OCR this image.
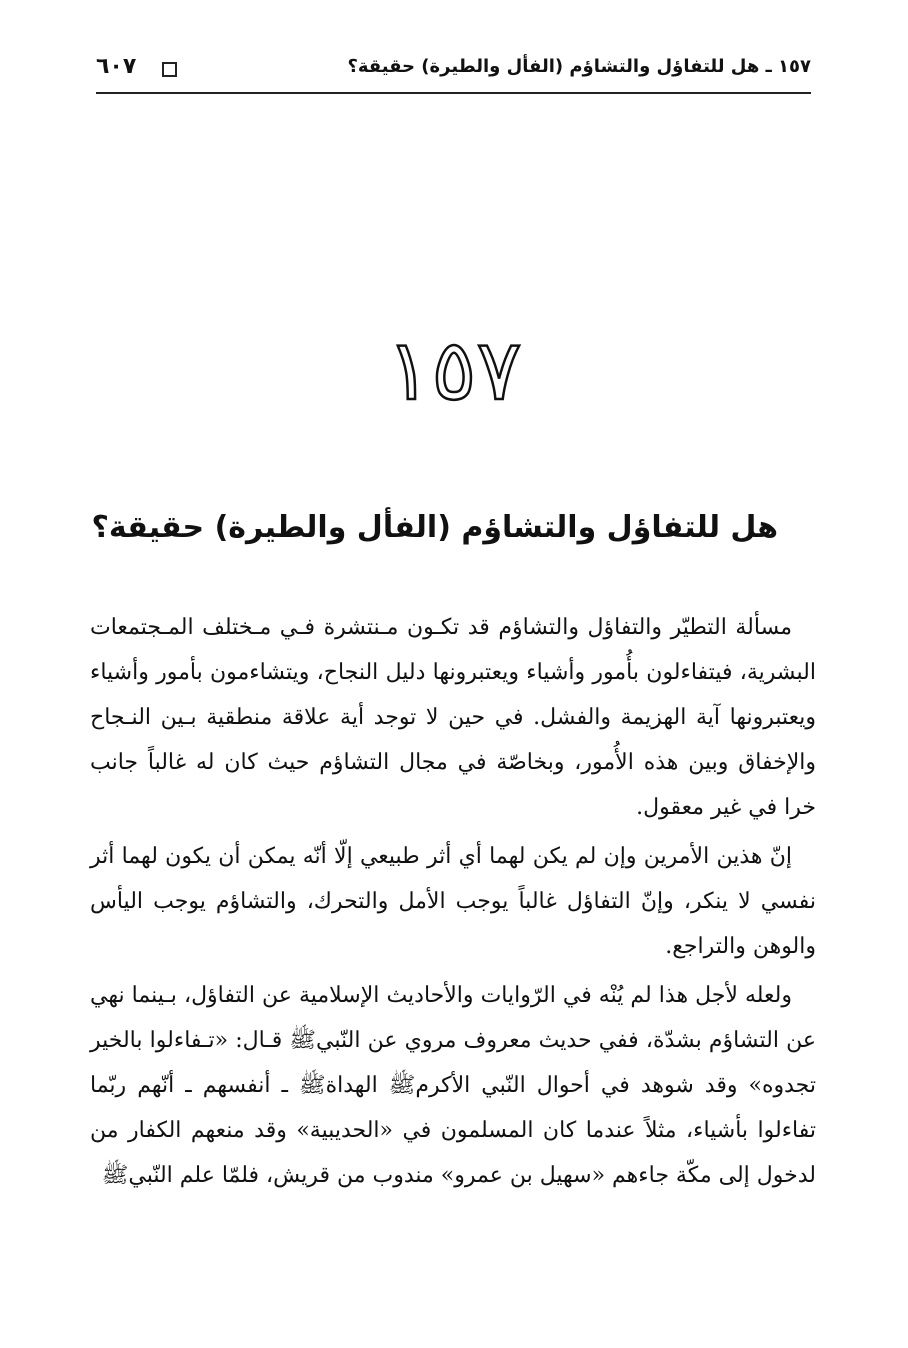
٦٠٧	١٥٧ ـ هل للتفاؤل والتشاؤم (الفأل والطيرة) حقيقة؟
١٥٧
هل للتفاؤل والتشاؤم (الفأل والطيرة) حقيقة؟

مسألة التطيّر والتفاؤل والتشاؤم قد تكـون مـنتشرة فـي مـختلف المـجتمعات البشرية، فيتفاءلون بأُمور وأشياء ويعتبرونها دليل النجاح، ويتشاءمون بأمور وأشياء ويعتبرونها آية الهزيمة والفشل. في حين لا توجد أية علاقة منطقية بـين النـجاح والإخفاق وبين هذه الأُمور، وبخاصّة في مجال التشاؤم حيث كان له غالباً جانب خرا في غير معقول.

إنّ هذين الأمرين وإن لم يكن لهما أي أثر طبيعي إلّا أنّه يمكن أن يكون لهما أثر نفسي لا ينكر، وإنّ التفاؤل غالباً يوجب الأمل والتحرك، والتشاؤم يوجب اليأس والوهن والتراجع.

ولعله لأجل هذا لم يُنْه في الرّوايات والأحاديث الإسلامية عن التفاؤل، بـينما نهي عن التشاؤم بشدّة، ففي حديث معروف مروي عن النّبيﷺ قـال: «تـفاءلوا بالخير تجدوه» وقد شوهد في أحوال النّبي الأكرمﷺ الهداةﷺ ـ أنفسهم ـ أنّهم ربّما تفاءلوا بأشياء، مثلاً عندما كان المسلمون في «الحديبية» وقد منعهم الكفار من لدخول إلى مكّة جاءهم «سهيل بن عمرو» مندوب من قريش، فلمّا علم النّبيﷺ
